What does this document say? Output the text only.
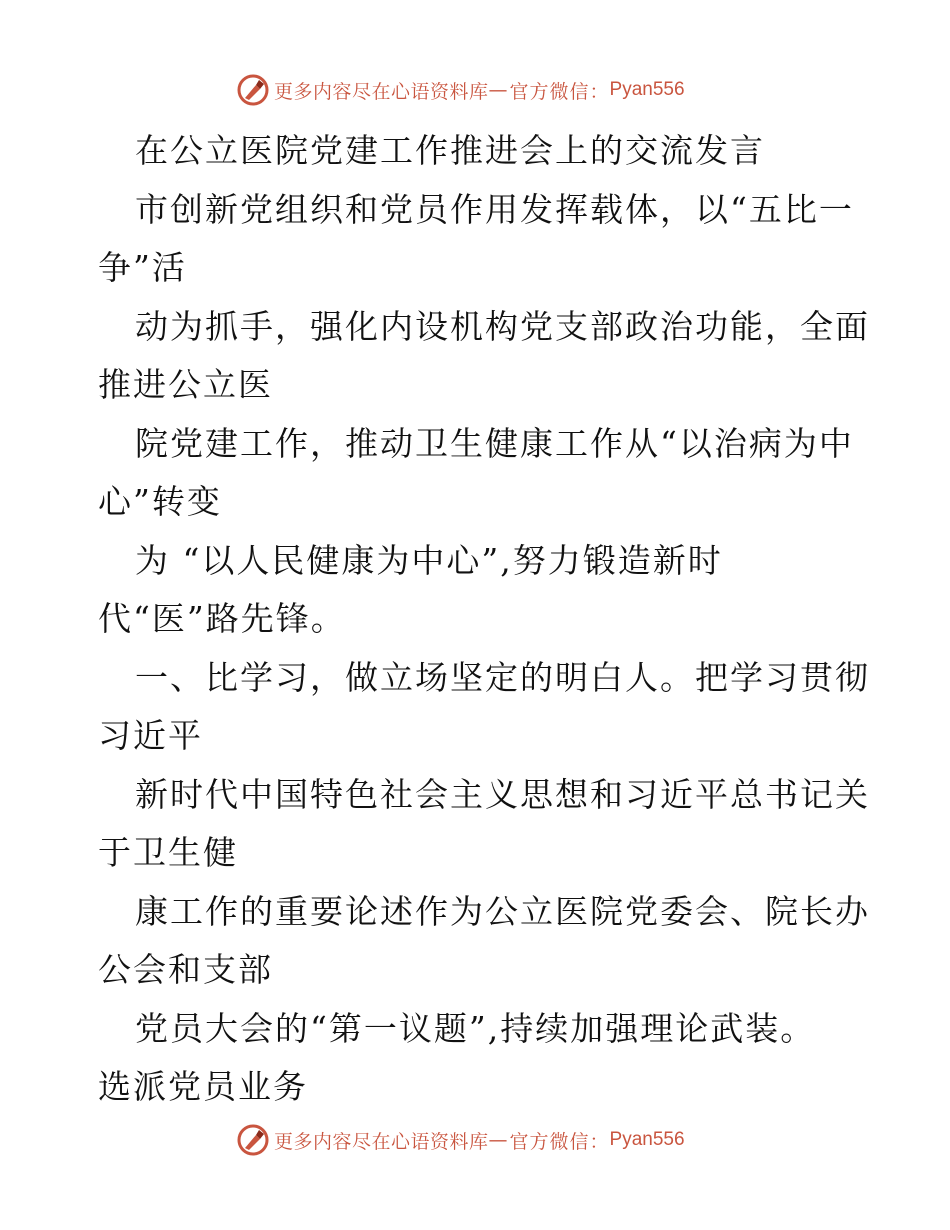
更多内容尽在心语资料库 — 官方微信： Pyan556
在公立医院党建工作推进会上的交流发言
市创新党组织和党员作用发挥载体，以“五比一
争”活
动为抓手，强化内设机构党支部政治功能，全面
推进公立医
院党建工作，推动卫生健康工作从“以治病为中
心”转变
为 “以人民健康为中心”,努力锻造新时
代“医”路先锋。
一、比学习，做立场坚定的明白人。把学习贯彻
习近平
新时代中国特色社会主义思想和习近平总书记关
于卫生健
康工作的重要论述作为公立医院党委会、院长办
公会和支部
党员大会的“第一议题”,持续加强理论武装。
选派党员业务
更多内容尽在心语资料库 — 官方微信： Pyan556
